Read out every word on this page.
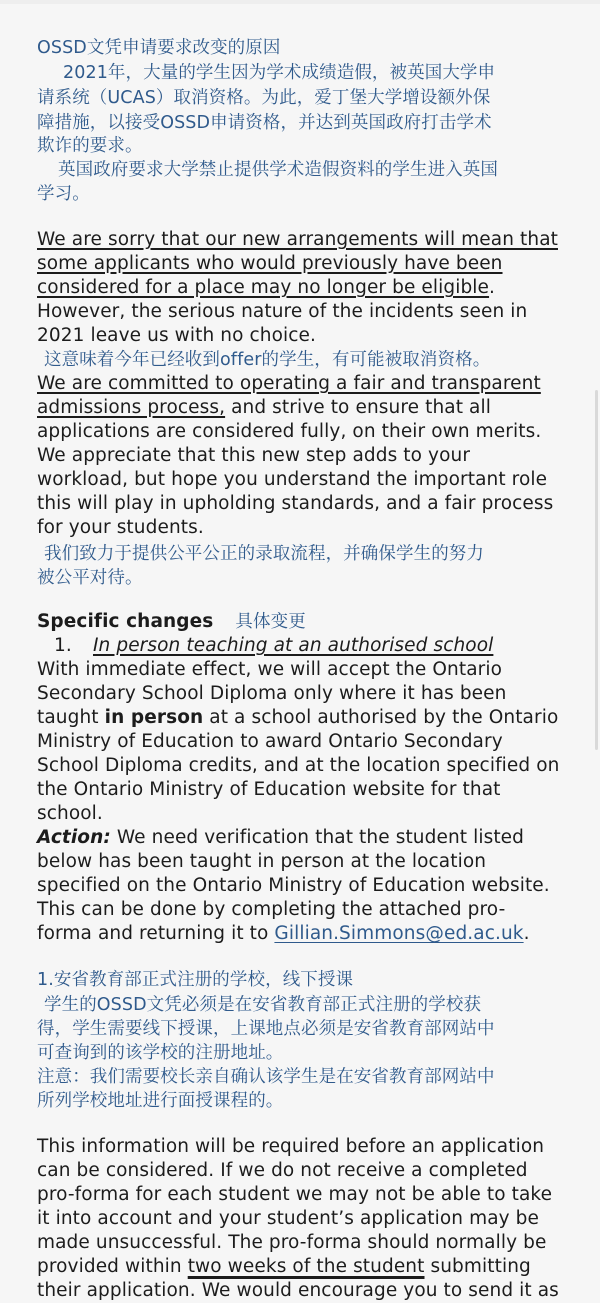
OSSD文凭申请要求改变的原因
2021年，大量的学生因为学术成绩造假，被英国大学申
请系统（UCAS）取消资格。为此，爱丁堡大学增设额外保
障措施，以接受OSSD申请资格，并达到英国政府打击学术
欺诈的要求。
英国政府要求大学禁止提供学术造假资料的学生进入英国
学习。
We are sorry that our new arrangements will mean that
some applicants who would previously have been
considered for a place may no longer be eligible.
However, the serious nature of the incidents seen in
2021 leave us with no choice.
这意味着今年已经收到offer的学生，有可能被取消资格。
We are committed to operating a fair and transparent
admissions process, and strive to ensure that all
applications are considered fully, on their own merits.
We appreciate that this new step adds to your
workload, but hope you understand the important role
this will play in upholding standards, and a fair process
for your students.
我们致力于提供公平公正的录取流程，并确保学生的努力
被公平对待。
Specific changes 具体变更
1. In person teaching at an authorised school
With immediate effect, we will accept the Ontario
Secondary School Diploma only where it has been
taught in person at a school authorised by the Ontario
Ministry of Education to award Ontario Secondary
School Diploma credits, and at the location specified on
the Ontario Ministry of Education website for that
school.
Action: We need verification that the student listed
below has been taught in person at the location
specified on the Ontario Ministry of Education website.
This can be done by completing the attached pro-
forma and returning it to Gillian.Simmons@ed.ac.uk.
1.安省教育部正式注册的学校，线下授课
学生的OSSD文凭必须是在安省教育部正式注册的学校获
得，学生需要线下授课，上课地点必须是安省教育部网站中
可查询到的该学校的注册地址。
注意：我们需要校长亲自确认该学生是在安省教育部网站中
所列学校地址进行面授课程的。
This information will be required before an application
can be considered. If we do not receive a completed
pro-forma for each student we may not be able to take
it into account and your student’s application may be
made unsuccessful. The pro-forma should normally be
provided within two weeks of the student submitting
their application. We would encourage you to send it as
